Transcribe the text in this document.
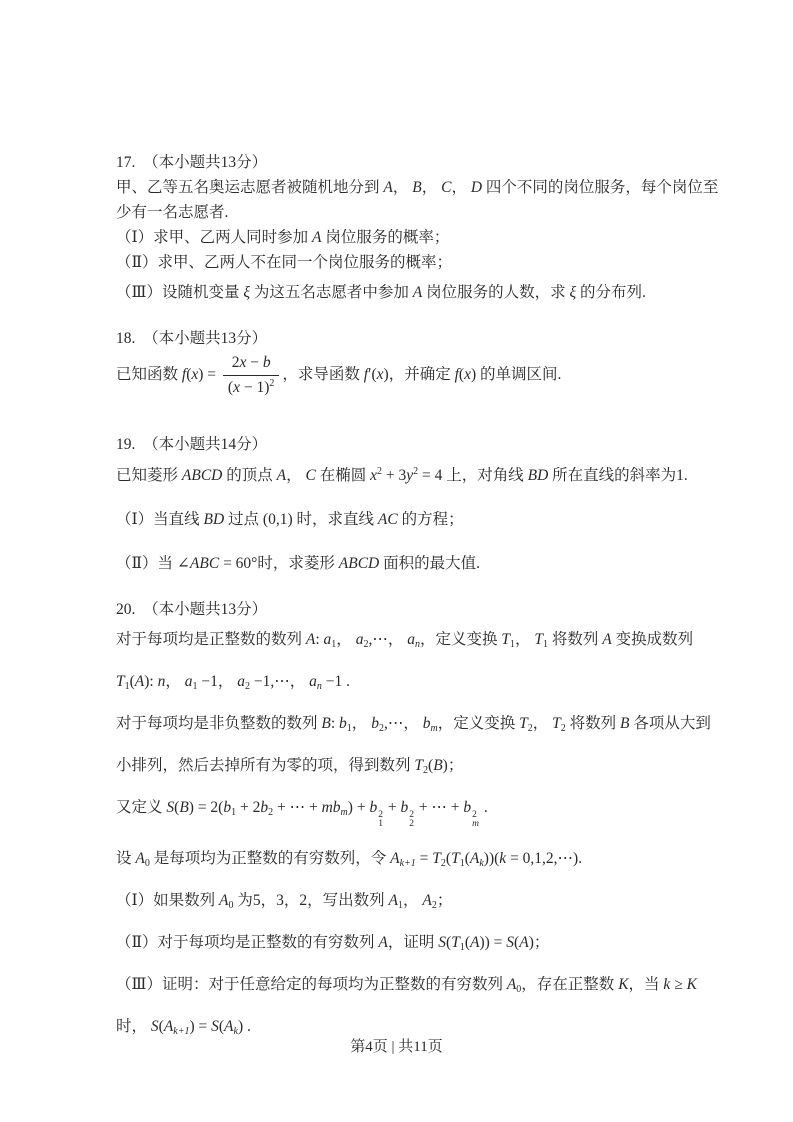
17.　（本小题共13分）
甲、乙等五名奥运志愿者被随机地分到 A， B， C， D 四个不同的岗位服务，每个岗位至
少有一名志愿者.
（Ⅰ）求甲、乙两人同时参加 A 岗位服务的概率；
（Ⅱ）求甲、乙两人不在同一个岗位服务的概率；
（Ⅲ）设随机变量 ξ 为这五名志愿者中参加 A 岗位服务的人数，求 ξ 的分布列.
18.　（本小题共13分）
已知函数 $f(x) = \frac{2x - b}{(x - 1)^2}$ ，求导函数 f′(x)，并确定 f(x) 的单调区间.
19.　（本小题共14分）
已知菱形 ABCD 的顶点 A， C 在椭圆 $x^2 + 3y^2 = 4$ 上，对角线 BD 所在直线的斜率为1.
（Ⅰ）当直线 BD 过点 (0,1) 时，求直线 AC 的方程；
（Ⅱ）当 ∠ABC = 60°时，求菱形 ABCD 面积的最大值.
20.　（本小题共13分）
对于每项均是正整数的数列 A: $a_1$， $a_2,\cdots$， $a_n$，定义变换 $T_1$， $T_1$ 将数列 A 变换成数列
$T_1(A)$: n， $a_1 -1$， $a_2$ −1,⋯， $a_n -1$ .
对于每项均是非负整数的数列 B: $b_1$， $b_2,\cdots$， $b_m$，定义变换 $T_2$， $T_2$ 将数列 B 各项从大到
小排列，然后去掉所有为零的项，得到数列 $T_2(B)$；
又定义 $S(B) = 2(b_1 + 2b_2$ + ⋯ + $mb_m) + b$ 2
1
+ b 2
2
+ ⋯ + b 2
m
.
设 $A_0$ 是每项均为正整数的有穷数列，令 $A_{k+1} = T_2(T_1(A_k))(k$ = 0,1,2,⋯).
（Ⅰ）如果数列 $A_0$ 为5，3，2，写出数列 $A_1$， $A_2$；
（Ⅱ）对于每项均是正整数的有穷数列 A，证明 $S(T_1(A)) = S(A)$；
（Ⅲ）证明：对于任意给定的每项均为正整数的有穷数列 $A_0$，存在正整数 K，当 k ≥ K
时， $S(A_{k+1}) = S(A_k)$ .
第4页 | 共11页
